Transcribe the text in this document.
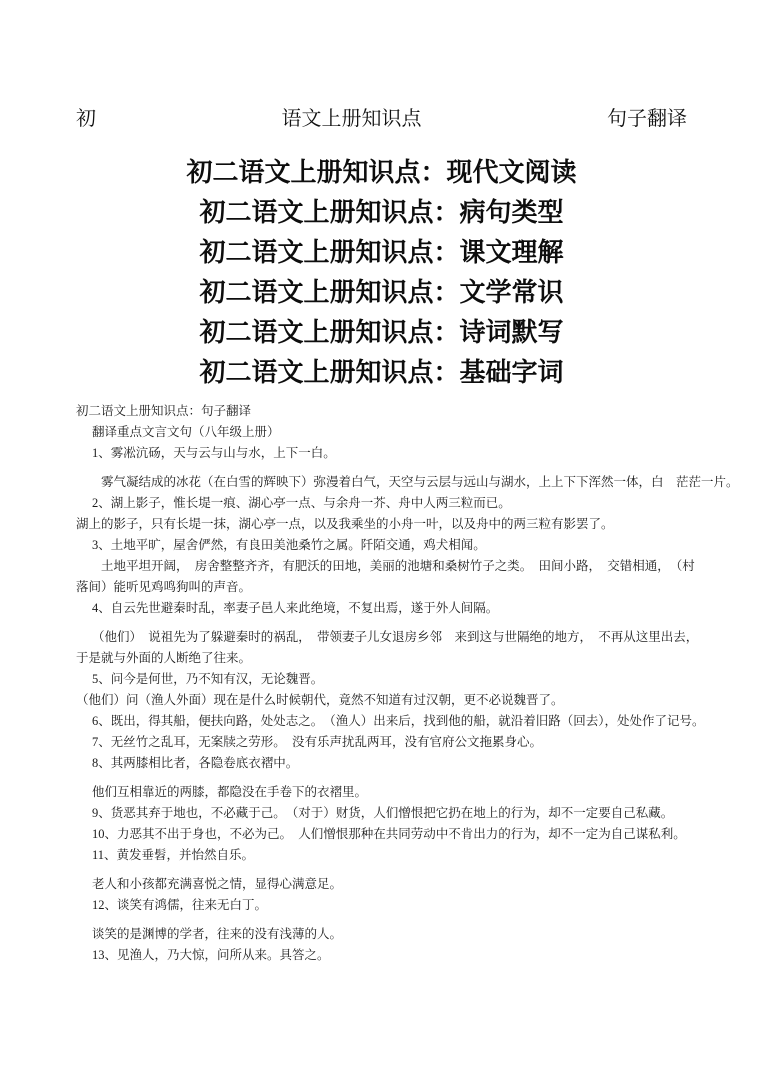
初	语文上册知识点	句子翻译
初二语文上册知识点：现代文阅读
初二语文上册知识点：病句类型
初二语文上册知识点：课文理解
初二语文上册知识点：文学常识
初二语文上册知识点：诗词默写
初二语文上册知识点：基础字词
初二语文上册知识点：句子翻译
翻译重点文言文句（八年级上册）
1、雾凇沆砀，天与云与山与水，上下一白。
雾气凝结成的冰花（在白雪的辉映下）弥漫着白气，天空与云层与远山与湖水，上上下下浑然一体，白　茫茫一片。
2、湖上影子，惟长堤一痕、湖心亭一点、与余舟一芥、舟中人两三粒而已。
湖上的影子，只有长堤一抹，湖心亭一点，以及我乘坐的小舟一叶，以及舟中的两三粒有影罢了。
3、土地平旷，屋舍俨然，有良田美池桑竹之属。阡陌交通，鸡犬相闻。
土地平坦开阔，　房舍整整齐齐，有肥沃的田地，美丽的池塘和桑树竹子之类。　田间小路，　交错相通，　（村
落间）能听见鸡鸣狗叫的声音。
4、自云先世避秦时乱，率妻子邑人来此绝境，不复出焉，遂于外人间隔。
（他们）　说祖先为了躲避秦时的祸乱，　带领妻子儿女退房乡邻　来到这与世隔绝的地方，　不再从这里出去，
于是就与外面的人断绝了往来。
5、问今是何世，乃不知有汉，无论魏晋。
（他们）问（渔人外面）现在是什么时候朝代，竟然不知道有过汉朝，更不必说魏晋了。
6、既出，得其船，便扶向路，处处志之。　（渔人）出来后，找到他的船，就沿着旧路（回去），处处作了记号。
7、无丝竹之乱耳，无案牍之劳形。　没有乐声扰乱两耳，没有官府公文拖累身心。
8、其两膝相比者，各隐卷底衣褶中。
他们互相靠近的两膝，都隐没在手卷下的衣褶里。
9、货恶其弃于地也，不必藏于己。　（对于）财货，人们憎恨把它扔在地上的行为，却不一定要自己私藏。
10、力恶其不出于身也，不必为己。　人们憎恨那种在共同劳动中不肯出力的行为，却不一定为自己谋私利。
11、黄发垂髫，并怡然自乐。
老人和小孩都充满喜悦之情，显得心满意足。
12、谈笑有鸿儒，往来无白丁。
谈笑的是渊博的学者，往来的没有浅薄的人。
13、见渔人，乃大惊，问所从来。具答之。
